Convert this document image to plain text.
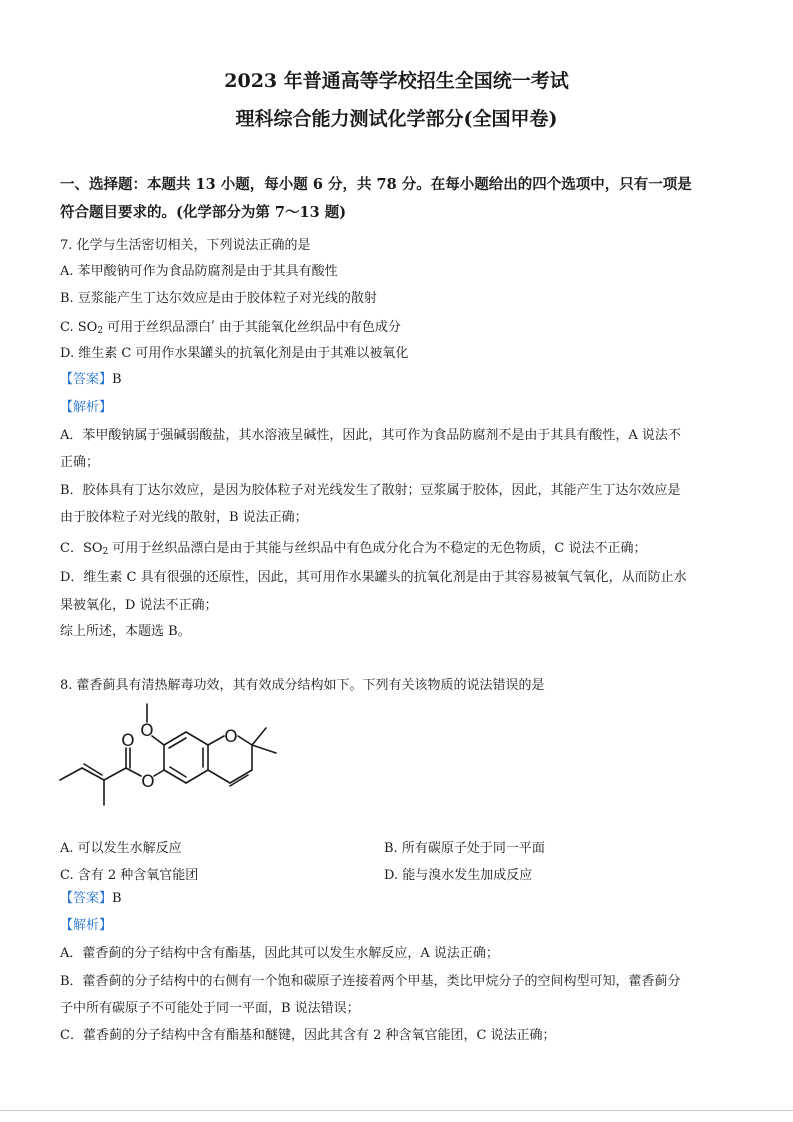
2023 年普通高等学校招生全国统一考试
理科综合能力测试化学部分(全国甲卷)
一、选择题：本题共 13 小题，每小题 6 分，共 78 分。在每小题给出的四个选项中，只有一项是
符合题目要求的。(化学部分为第 7～13 题)
7. 化学与生活密切相关，下列说法正确的是
A. 苯甲酸钠可作为食品防腐剂是由于其具有酸性
B. 豆浆能产生丁达尔效应是由于胶体粒子对光线的散射
C. $SO_2$ 可用于丝织品漂白ʹ 由于其能氧化丝织品中有色成分
D. 维生素 C 可用作水果罐头的抗氧化剂是由于其难以被氧化
【答案】B
【解析】
A．苯甲酸钠属于强碱弱酸盐，其水溶液呈碱性，因此，其可作为食品防腐剂不是由于其具有酸性，A 说法不
正确；
B．胶体具有丁达尔效应，是因为胶体粒子对光线发生了散射；豆浆属于胶体，因此，其能产生丁达尔效应是
由于胶体粒子对光线的散射，B 说法正确；
C．$SO_2$ 可用于丝织品漂白是由于其能与丝织品中有色成分化合为不稳定的无色物质，C 说法不正确；
D．维生素 C 具有很强的还原性，因此，其可用作水果罐头的抗氧化剂是由于其容易被氧气氧化，从而防止水
果被氧化，D 说法不正确；
综上所述，本题选 B。
8. 藿香蓟具有清热解毒功效，其有效成分结构如下。下列有关该物质的说法错误的是
O	O
O
O
A. 可以发生水解反应	B. 所有碳原子处于同一平面
C. 含有 2 种含氧官能团	D. 能与溴水发生加成反应
【答案】B
【解析】
A．藿香蓟的分子结构中含有酯基，因此其可以发生水解反应，A 说法正确；
B．藿香蓟的分子结构中的右侧有一个饱和碳原子连接着两个甲基，类比甲烷分子的空间构型可知，藿香蓟分
子中所有碳原子不可能处于同一平面，B 说法错误；
C．藿香蓟的分子结构中含有酯基和醚键，因此其含有 2 种含氧官能团，C 说法正确；
